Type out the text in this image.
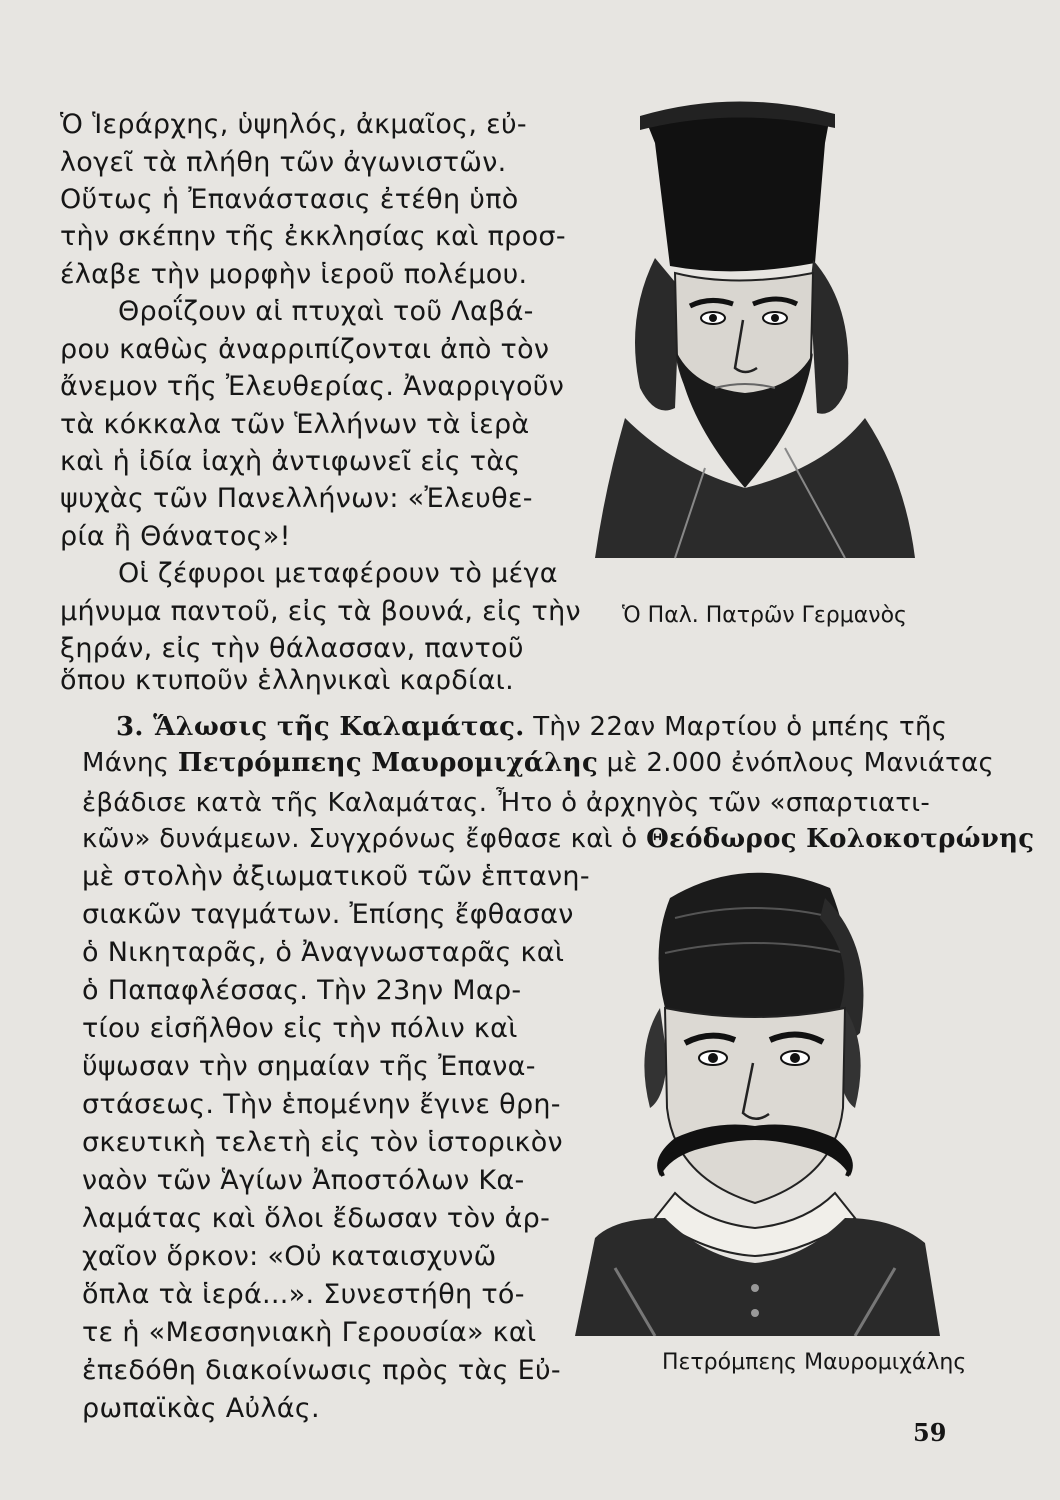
Ὁ Ἱεράρχης, ὑψηλός, ἀκμαῖος, εὐ-
λογεῖ τὰ πλήθη τῶν ἀγωνιστῶν.
Οὕτως ἡ Ἐπανάστασις ἐτέθη ὑπὸ
τὴν σκέπην τῆς ἐκκλησίας καὶ προσ-
έλαβε τὴν μορφὴν ἱεροῦ πολέμου.
Θροΐζουν αἱ πτυχαὶ τοῦ Λαβά-
ρου καθὼς ἀναρριπίζονται ἀπὸ τὸν
ἄνεμον τῆς Ἐλευθερίας. Ἀναρριγοῦν
τὰ κόκκαλα τῶν Ἑλλήνων τὰ ἱερὰ
καὶ ἡ ἰδία ἰαχὴ ἀντιφωνεῖ εἰς τὰς
ψυχὰς τῶν Πανελλήνων: «Ἐλευθε-
ρία ἢ Θάνατος»!
Οἱ ζέφυροι μεταφέρουν τὸ μέγα
μήνυμα παντοῦ, εἰς τὰ βουνά, εἰς τὴν
ξηράν, εἰς τὴν θάλασσαν, παντοῦ
ὅπου κτυποῦν ἑλληνικαὶ καρδίαι.
Ὁ Παλ. Πατρῶν Γερμανὸς
3. Ἅλωσις τῆς Καλαμάτας. Τὴν 22αν Μαρτίου ὁ μπέης τῆς
Μάνης Πετρόμπεης Μαυρομιχάλης μὲ 2.000 ἐνόπλους Μανιάτας
ἐβάδισε κατὰ τῆς Καλαμάτας. Ἦτο ὁ ἀρχηγὸς τῶν «σπαρτιατι-
κῶν» δυνάμεων. Συγχρόνως ἔφθασε καὶ ὁ Θεόδωρος Κολοκοτρώνης
μὲ στολὴν ἀξιωματικοῦ τῶν ἑπτανη-
σιακῶν ταγμάτων. Ἐπίσης ἔφθασαν
ὁ Νικηταρᾶς, ὁ Ἀναγνωσταρᾶς καὶ
ὁ Παπαφλέσσας. Τὴν 23ην Μαρ-
τίου εἰσῆλθον εἰς τὴν πόλιν καὶ
ὕψωσαν τὴν σημαίαν τῆς Ἐπανα-
στάσεως. Τὴν ἑπομένην ἔγινε θρη-
σκευτικὴ τελετὴ εἰς τὸν ἱστορικὸν
ναὸν τῶν Ἁγίων Ἀποστόλων Κα-
λαμάτας καὶ ὅλοι ἔδωσαν τὸν ἀρ-
χαῖον ὅρκον: «Οὐ καταισχυνῶ
ὅπλα τὰ ἱερά...». Συνεστήθη τό-
τε ἡ «Μεσσηνιακὴ Γερουσία» καὶ
ἐπεδόθη διακοίνωσις πρὸς τὰς Εὐ-
ρωπαϊκὰς Αὐλάς.
Πετρόμπεης Μαυρομιχάλης
59
